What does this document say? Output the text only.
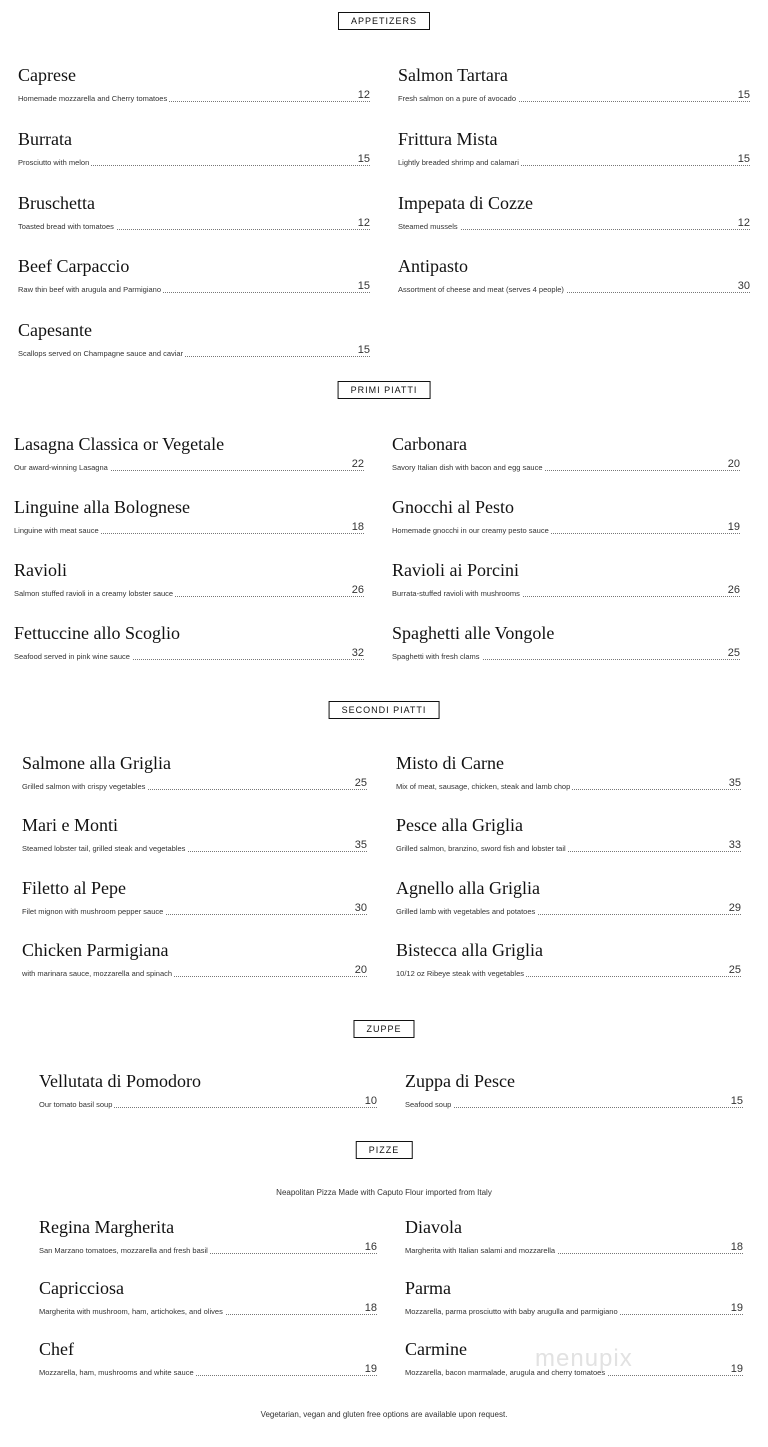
APPETIZERS
PRIMI PIATTI
SECONDI PIATTI
ZUPPE
PIZZE
Caprese
Homemade mozzarella and Cherry tomatoes	12
Salmon Tartara
Fresh salmon on a pure of avocado	15
Burrata
Prosciutto with melon	15
Frittura Mista
Lightly breaded shrimp and calamari	15
Bruschetta
Toasted bread with tomatoes	12
Impepata di Cozze
Steamed mussels	12
Beef Carpaccio
Raw thin beef with arugula and Parmigiano	15
Antipasto
Assortment of cheese and meat (serves 4 people)	30
Capesante
Scallops served on Champagne sauce and caviar	15
Lasagna Classica or Vegetale
Our award-winning Lasagna	22
Carbonara
Savory Italian dish with bacon and egg sauce	20
Linguine alla Bolognese
Linguine with meat sauce	18
Gnocchi al Pesto
Homemade gnocchi in our creamy pesto sauce	19
Ravioli
Salmon stuffed ravioli in a creamy lobster sauce	26
Ravioli ai Porcini
Burrata-stuffed ravioli with mushrooms	26
Fettuccine allo Scoglio
Seafood served in pink wine sauce	32
Spaghetti alle Vongole
Spaghetti with fresh clams	25
Salmone alla Griglia
Grilled salmon with crispy vegetables	25
Misto di Carne
Mix of meat, sausage, chicken, steak and lamb chop	35
Mari e Monti
Steamed lobster tail, grilled steak and vegetables	35
Pesce alla Griglia
Grilled salmon, branzino, sword fish and lobster tail	33
Filetto al Pepe
Filet mignon with mushroom pepper sauce	30
Agnello alla Griglia
Grilled lamb with vegetables and potatoes	29
Chicken Parmigiana
with marinara sauce, mozzarella and spinach	20
Bistecca alla Griglia
10/12 oz Ribeye steak with vegetables	25
Vellutata di Pomodoro
Our tomato basil soup	10
Zuppa di Pesce
Seafood soup	15
Neapolitan Pizza Made with Caputo Flour imported from Italy
Regina Margherita
San Marzano tomatoes, mozzarella and fresh basil	16
Diavola
Margherita with Italian salami and mozzarella	18
Capricciosa
Margherita with mushroom, ham, artichokes, and olives	18
Parma
Mozzarella, parma prosciutto with baby arugulla and parmigiano	19
Chef
Mozzarella, ham, mushrooms and white sauce	19
Carmine
Mozzarella, bacon marmalade, arugula and cherry tomatoes	19
menupix
Vegetarian, vegan and gluten free options are available upon request.
